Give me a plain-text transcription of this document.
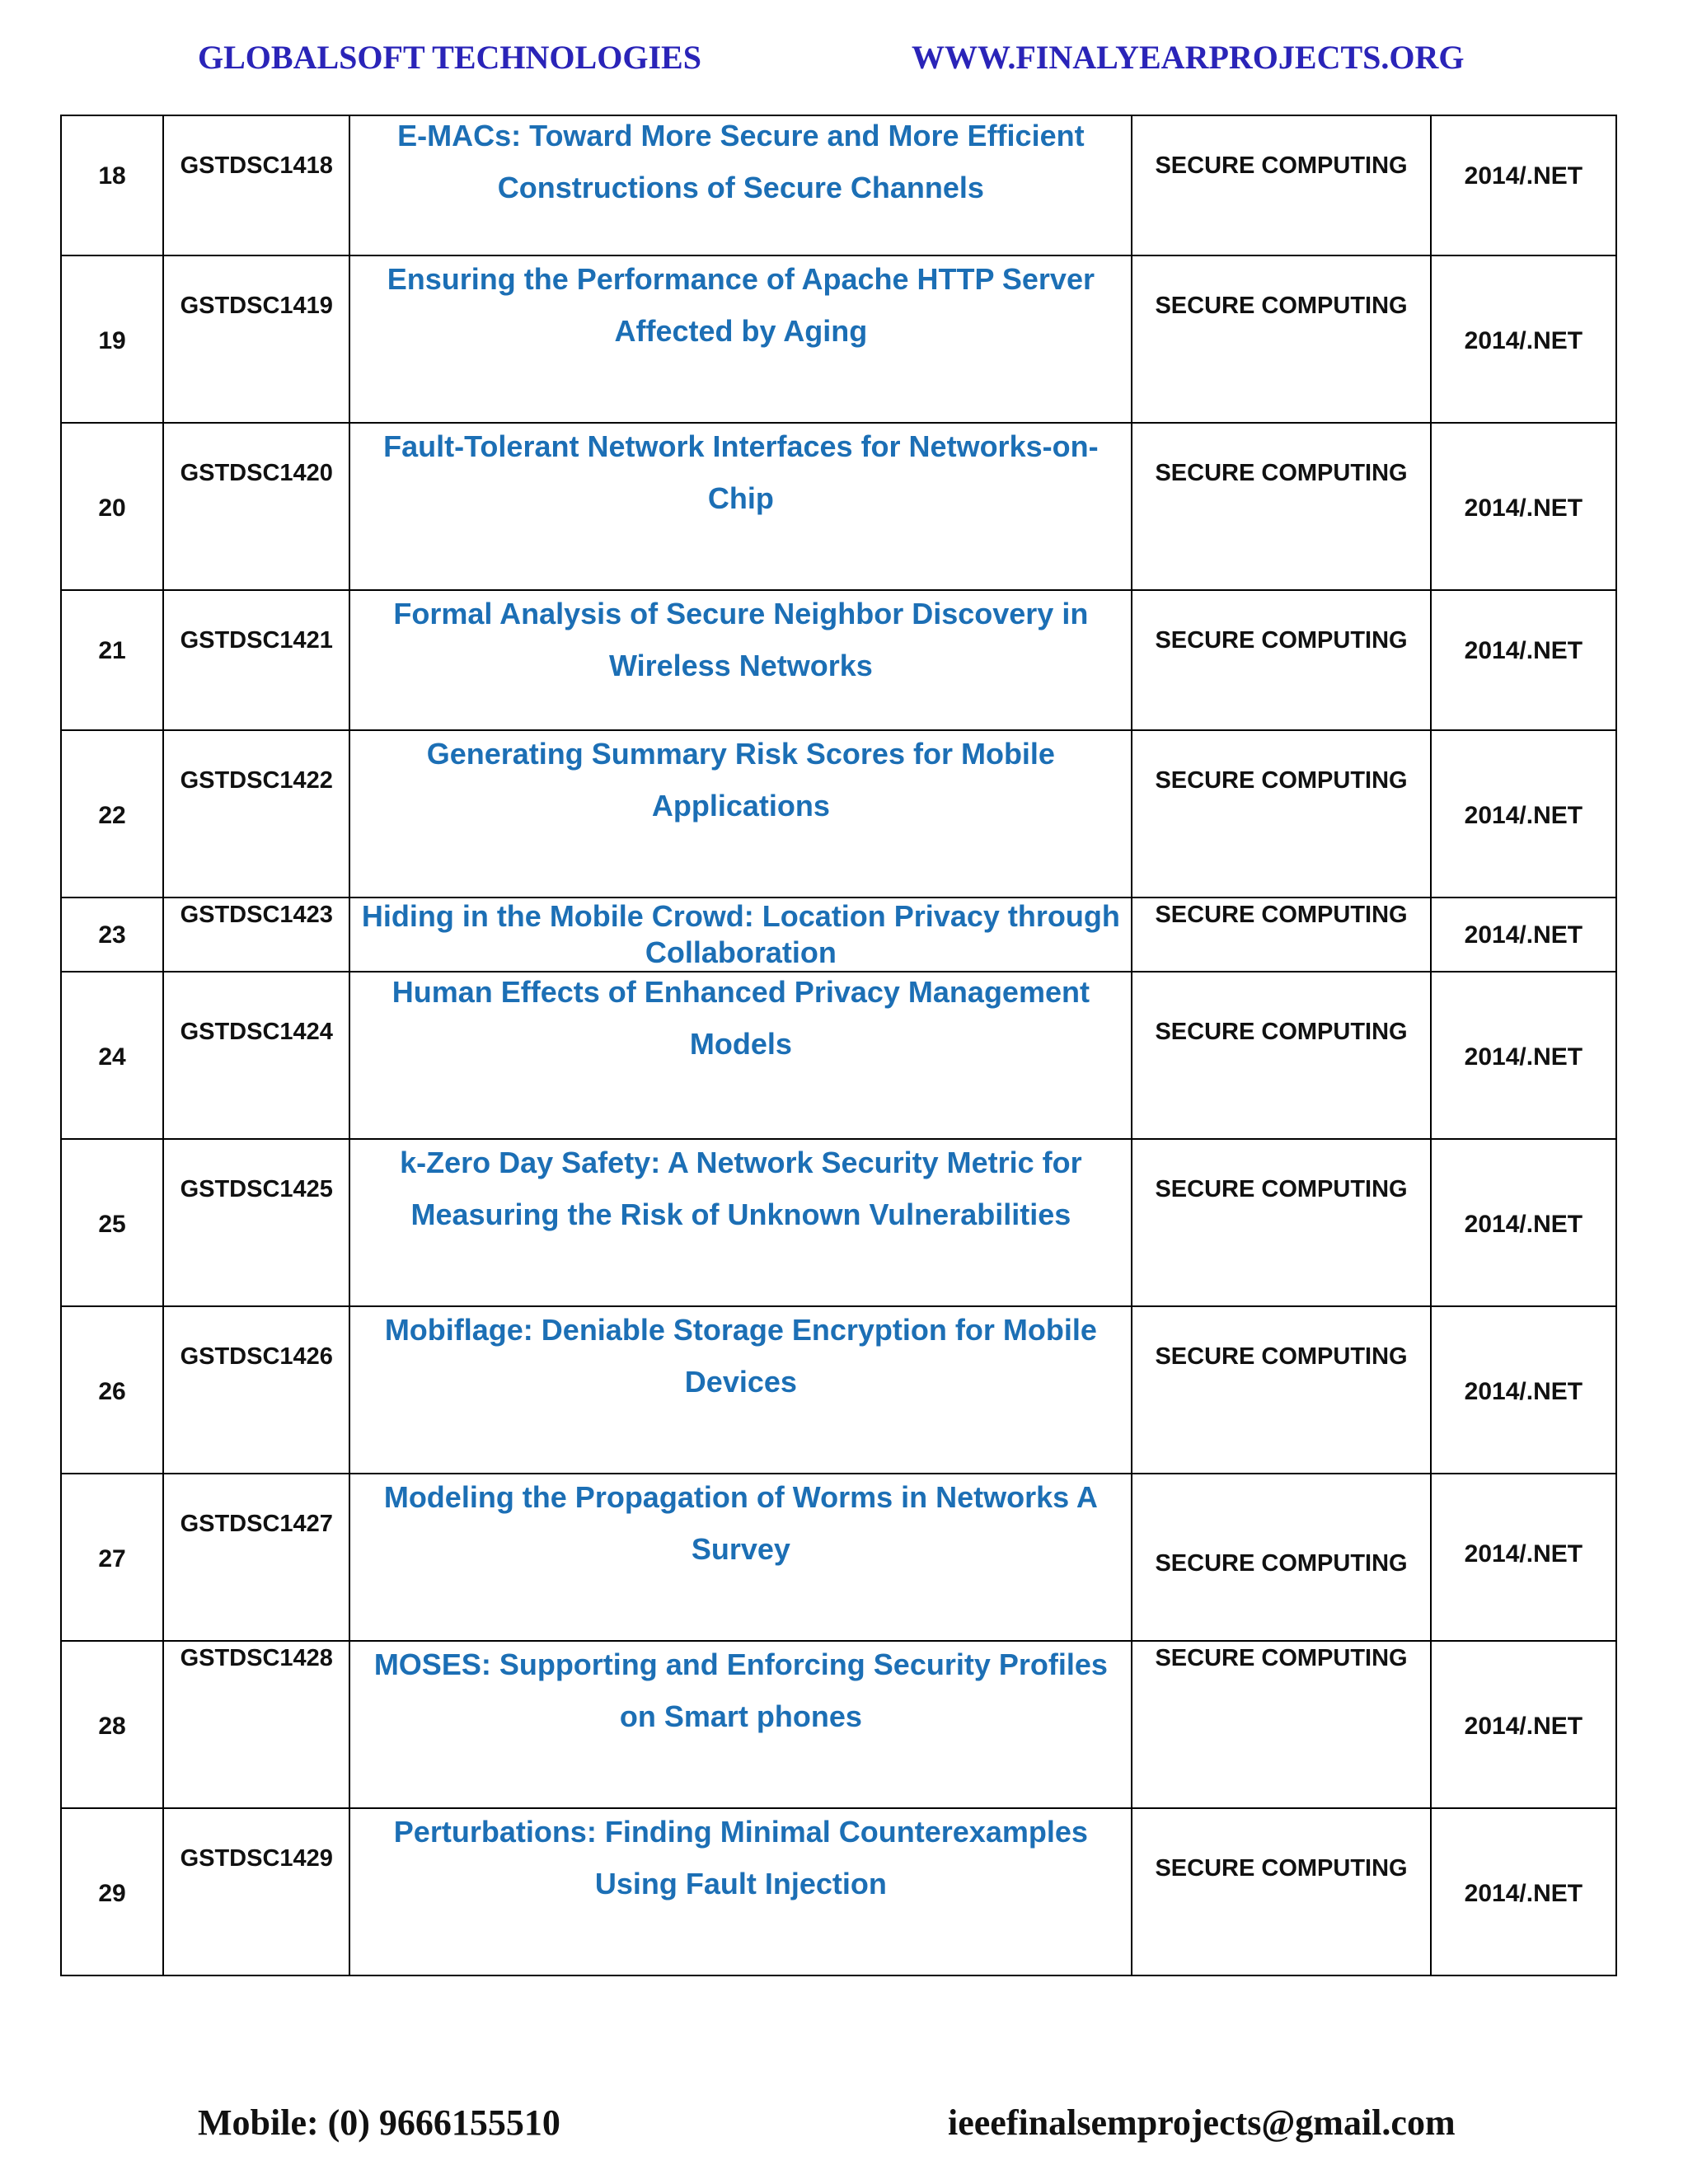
GLOBALSOFT TECHNOLOGIES	WWW.FINALYEARPROJECTS.ORG
18	GSTDSC1418	E-MACs: Toward More Secure and More Efficient Constructions of Secure Channels	SECURE COMPUTING	2014/.NET

19	GSTDSC1419	Ensuring the Performance of Apache HTTP Server Affected by Aging	SECURE COMPUTING	2014/.NET

20	GSTDSC1420	Fault-Tolerant Network Interfaces for Networks-on-Chip	SECURE COMPUTING	2014/.NET

21	GSTDSC1421	Formal Analysis of Secure Neighbor Discovery in Wireless Networks	SECURE COMPUTING	2014/.NET

22	GSTDSC1422	Generating Summary Risk Scores for Mobile Applications	SECURE COMPUTING	2014/.NET

23	GSTDSC1423	Hiding in the Mobile Crowd: Location Privacy through Collaboration	SECURE COMPUTING	2014/.NET

24	GSTDSC1424	Human Effects of Enhanced Privacy Management Models	SECURE COMPUTING	2014/.NET

25	GSTDSC1425	k-Zero Day Safety: A Network Security Metric for Measuring the Risk of Unknown Vulnerabilities	SECURE COMPUTING	2014/.NET

26	GSTDSC1426	Mobiflage: Deniable Storage Encryption for Mobile Devices	SECURE COMPUTING	2014/.NET

27	GSTDSC1427	Modeling the Propagation of Worms in Networks A Survey	SECURE COMPUTING	2014/.NET

28	GSTDSC1428	MOSES: Supporting and Enforcing Security Profiles on Smart phones	SECURE COMPUTING	2014/.NET

29	GSTDSC1429	Perturbations: Finding Minimal Counterexamples Using Fault Injection	SECURE COMPUTING	2014/.NET
Mobile: (0) 9666155510	ieeefinalsemprojects@gmail.com
